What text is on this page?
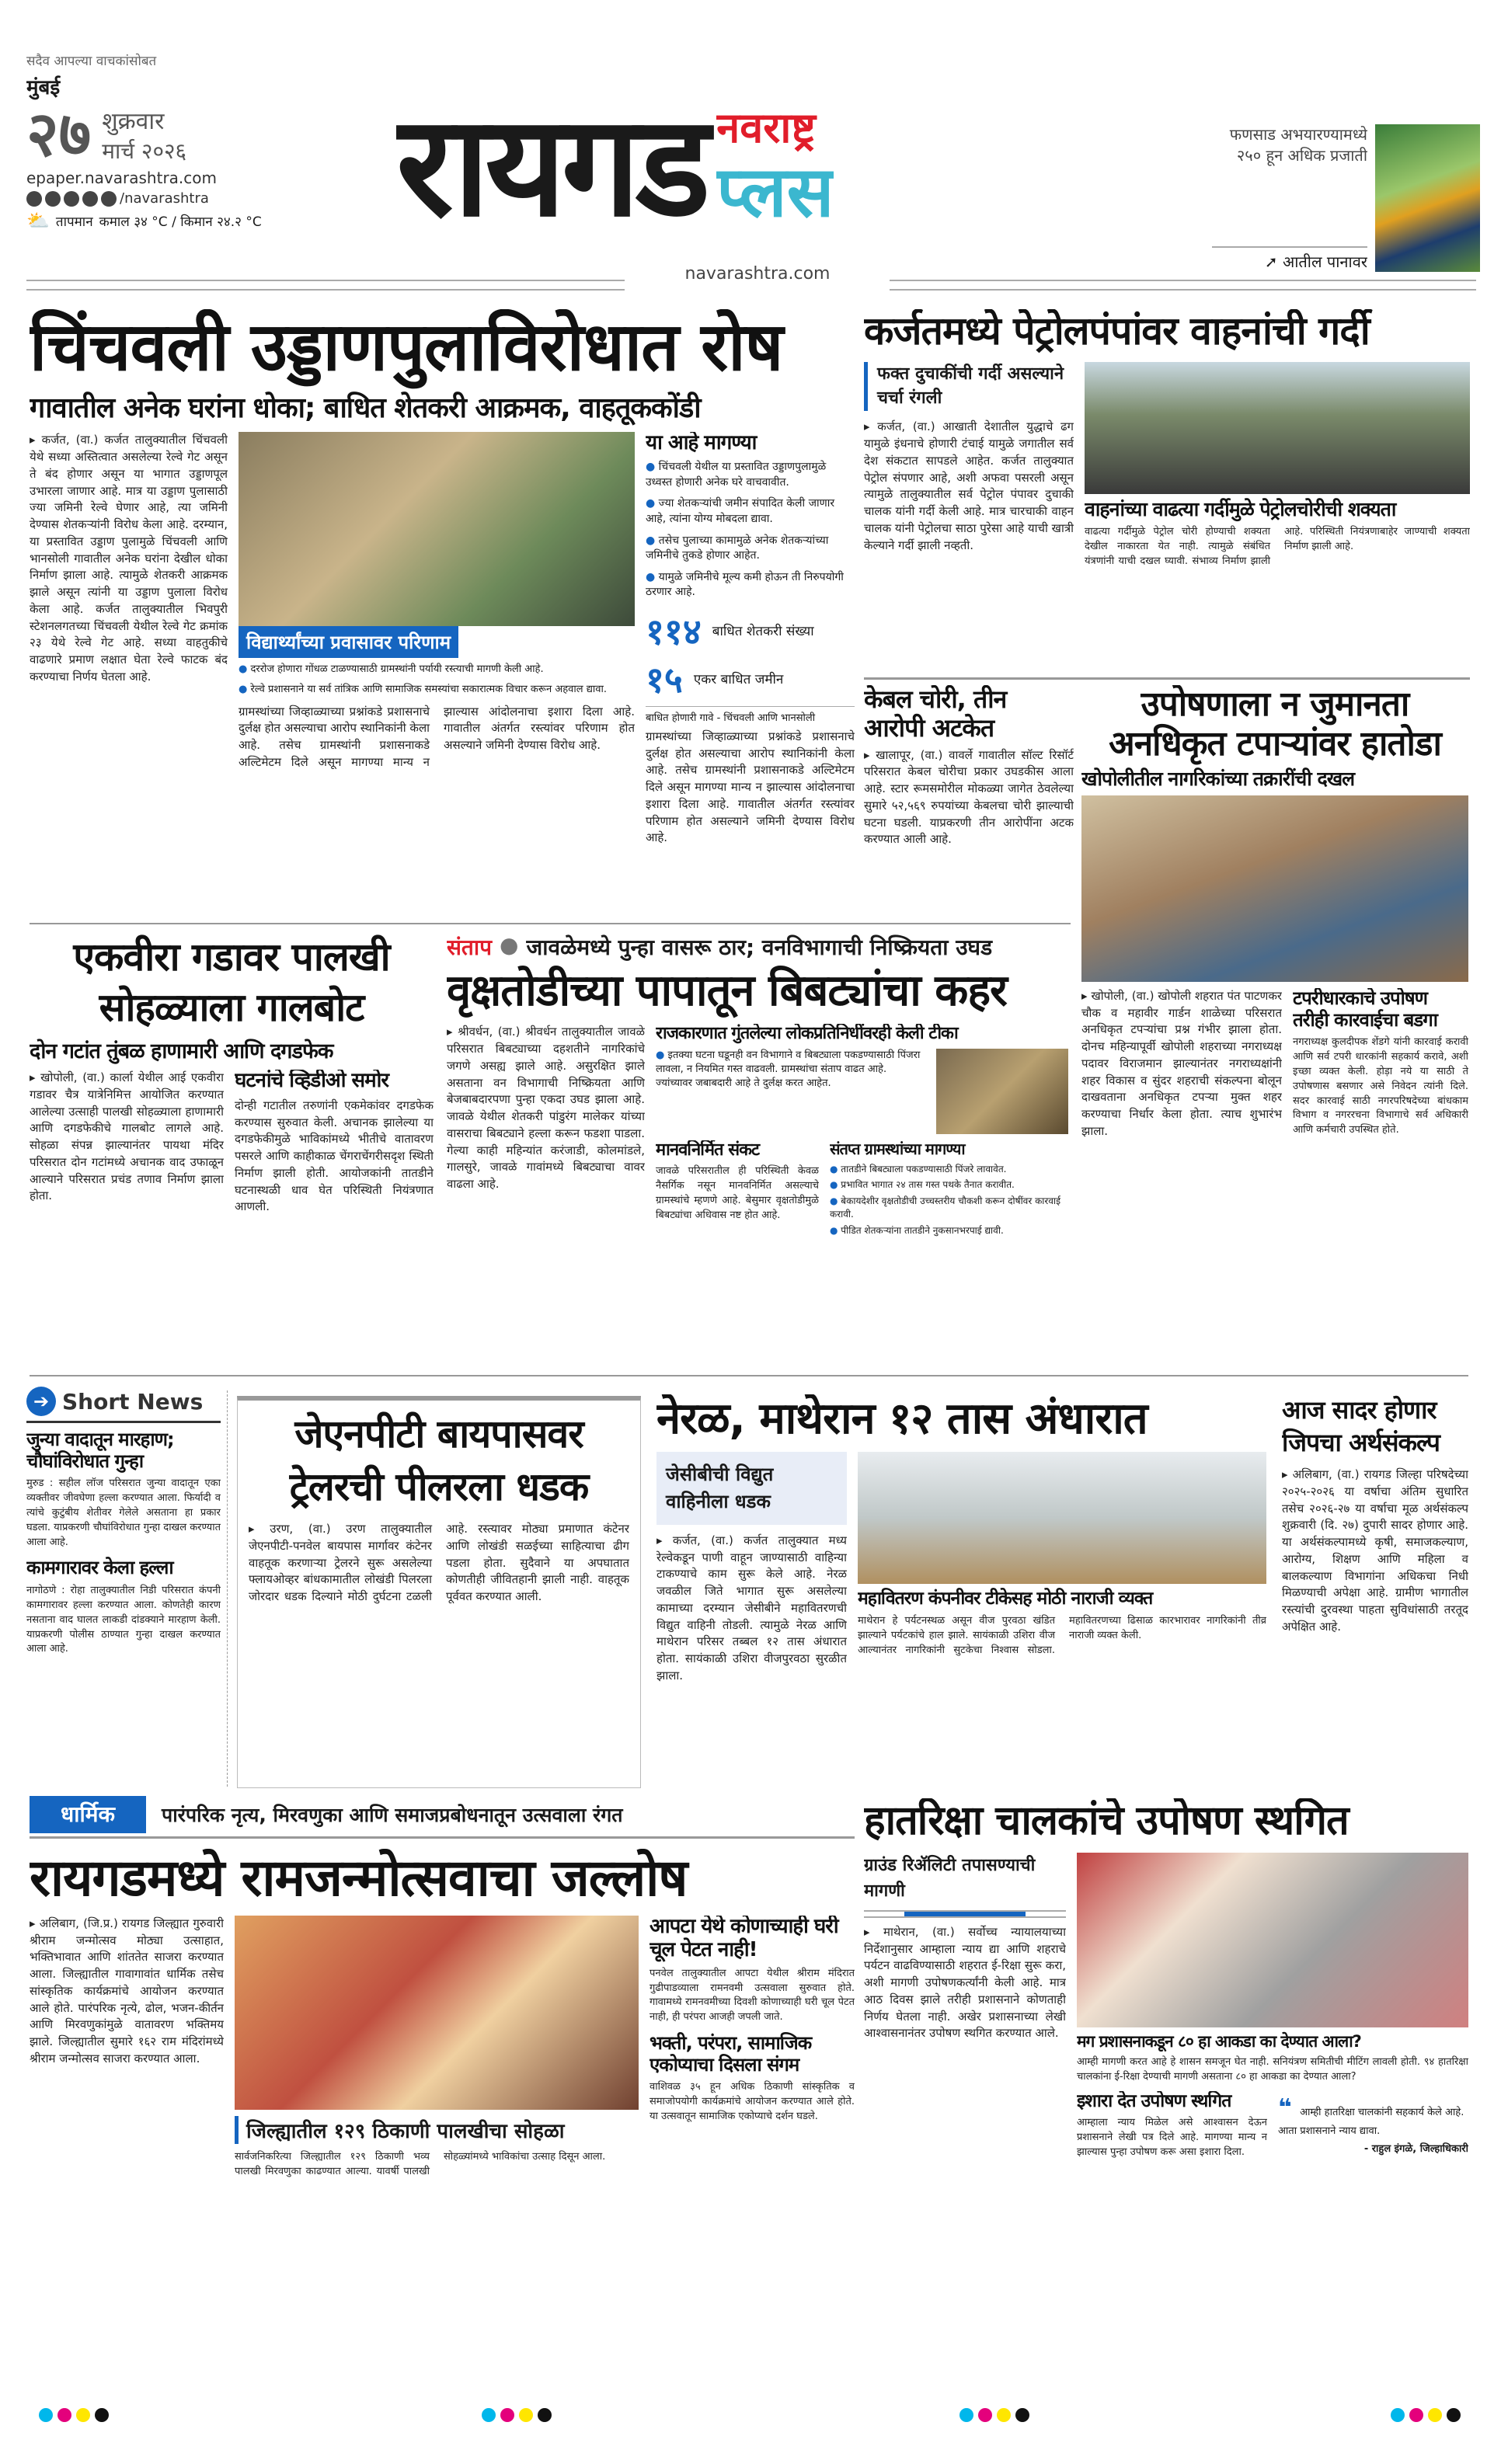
सदैव आपल्या वाचकांसोबत
मुंबई
२७ शुक्रवार
मार्च २०२६
epaper.navarashtra.com
/navarashtra
⛅ तापमान कमाल ३४ °C / किमान २४.२ °C रायगड नवराष्ट्र
प्लस
navarashtra.com
फणसाड अभयारण्यामध्ये २५० हून अधिक प्रजाती
➚ आतील पानावर
चिंचवली उड्डाणपुलाविरोधात रोष
गावातील अनेक घरांना धोका; बाधित शेतकरी आक्रमक, वाहतूककोंडी
▸ कर्जत, (वा.) कर्जत तालुक्यातील चिंचवली येथे सध्या अस्तित्वात असलेल्या रेल्वे गेट असून ते बंद होणार असून या भागात उड्डाणपूल उभारला जाणार आहे. मात्र या उड्डाण पुलासाठी ज्या जमिनी रेल्वे घेणार आहे, त्या जमिनी देण्यास शेतकऱ्यांनी विरोध केला आहे. दरम्यान, या प्रस्तावित उड्डाण पुलामुळे चिंचवली आणि भानसोली गावातील अनेक घरांना देखील धोका निर्माण झाला आहे. त्यामुळे शेतकरी आक्रमक झाले असून त्यांनी या उड्डाण पुलाला विरोध केला आहे. कर्जत तालुक्यातील भिवपुरी स्टेशनलगतच्या चिंचवली येथील रेल्वे गेट क्रमांक २३ येथे रेल्वे गेट आहे. सध्या वाहतुकीचे वाढणारे प्रमाण लक्षात घेता रेल्वे फाटक बंद करण्याचा निर्णय घेतला आहे.
विद्यार्थ्यांच्या प्रवासावर परिणाम
● दररोज होणारा गोंधळ टाळण्यासाठी ग्रामस्थांनी पर्यायी रस्त्याची मागणी केली आहे.
● रेल्वे प्रशासनाने या सर्व तांत्रिक आणि सामाजिक समस्यांचा सकारात्मक विचार करून अहवाल द्यावा.
ग्रामस्थांच्या जिव्हाळ्याच्या प्रश्नांकडे प्रशासनाचे दुर्लक्ष होत असल्याचा आरोप स्थानिकांनी केला आहे. तसेच ग्रामस्थांनी प्रशासनाकडे अल्टिमेटम दिले असून मागण्या मान्य न झाल्यास आंदोलनाचा इशारा दिला आहे. गावातील अंतर्गत रस्त्यांवर परिणाम होत असल्याने जमिनी देण्यास विरोध आहे.
या आहे मागण्या
● चिंचवली येथील या प्रस्तावित उड्डाणपुलामुळे उध्वस्त होणारी अनेक घरे वाचवावीत.
● ज्या शेतकऱ्यांची जमीन संपादित केली जाणार आहे, त्यांना योग्य मोबदला द्यावा.
● तसेच पुलाच्या कामामुळे अनेक शेतकऱ्यांच्या जमिनीचे तुकडे होणार आहेत.
● यामुळे जमिनीचे मूल्य कमी होऊन ती निरुपयोगी ठरणार आहे.
११४ बाधित शेतकरी संख्या
१५ एकर बाधित जमीन
बाधित होणारी गावे - चिंचवली आणि भानसोली
ग्रामस्थांच्या जिव्हाळ्याच्या प्रश्नांकडे प्रशासनाचे दुर्लक्ष होत असल्याचा आरोप स्थानिकांनी केला आहे. तसेच ग्रामस्थांनी प्रशासनाकडे अल्टिमेटम दिले असून मागण्या मान्य न झाल्यास आंदोलनाचा इशारा दिला आहे. गावातील अंतर्गत रस्त्यांवर परिणाम होत असल्याने जमिनी देण्यास विरोध आहे.
कर्जतमध्ये पेट्रोलपंपांवर वाहनांची गर्दी
फक्त दुचाकींची गर्दी असल्याने चर्चा रंगली
▸ कर्जत, (वा.) आखाती देशातील युद्धाचे ढग यामुळे इंधनाचे होणारी टंचाई यामुळे जगातील सर्व देश संकटात सापडले आहेत. कर्जत तालुक्यात पेट्रोल संपणार आहे, अशी अफवा पसरली असून त्यामुळे तालुक्यातील सर्व पेट्रोल पंपावर दुचाकी चालक यांनी गर्दी केली आहे. मात्र चारचाकी वाहन चालक यांनी पेट्रोलचा साठा पुरेसा आहे याची खात्री केल्याने गर्दी झाली नव्हती.
वाहनांच्या वाढत्या गर्दीमुळे पेट्रोलचोरीची शक्यता
वाढत्या गर्दीमुळे पेट्रोल चोरी होण्याची शक्यता देखील नाकारता येत नाही. त्यामुळे संबंधित यंत्रणांनी याची दखल घ्यावी. संभाव्य निर्माण झाली आहे. परिस्थिती नियंत्रणाबाहेर जाण्याची शक्यता निर्माण झाली आहे.
केबल चोरी, तीन आरोपी अटकेत
▸ खालापूर, (वा.) वावर्ले गावातील सॉल्ट रिसॉर्ट परिसरात केबल चोरीचा प्रकार उघडकीस आला आहे. स्टार रूमसमोरील मोकळ्या जागेत ठेवलेल्या सुमारे ५२,५६९ रुपयांच्या केबलचा चोरी झाल्याची घटना घडली. याप्रकरणी तीन आरोपींना अटक करण्यात आली आहे.
उपोषणाला न जुमानता अनधिकृत टपाऱ्यांवर हातोडा
खोपोलीतील नागरिकांच्या तक्रारींची दखल
▸ खोपोली, (वा.) खोपोली शहरात पंत पाटणकर चौक व महावीर गार्डन शाळेच्या परिसरात अनधिकृत टपऱ्यांचा प्रश्न गंभीर झाला होता. दोनच महिन्यापूर्वी खोपोली शहराच्या नगराध्यक्ष पदावर विराजमान झाल्यानंतर नगराध्यक्षांनी शहर विकास व सुंदर शहराची संकल्पना बोलून दाखवताना अनधिकृत टपऱ्या मुक्त शहर करण्याचा निर्धार केला होता. त्याच शुभारंभ झाला.
टपरीधारकाचे उपोषण तरीही कारवाईचा बडगा
नगराध्यक्ष कुलदीपक शेंडगे यांनी कारवाई करावी आणि सर्व टपरी धारकांनी सहकार्य करावे, अशी इच्छा व्यक्त केली. होड़ा नये या साठी ते उपोषणास बसणार असे निवेदन त्यांनी दिले. सदर कारवाई साठी नगरपरिषदेच्या बांधकाम विभाग व नगररचना विभागाचे सर्व अधिकारी आणि कर्मचारी उपस्थित होते.
एकवीरा गडावर पालखी सोहळ्याला गालबोट
दोन गटांत तुंबळ हाणामारी आणि दगडफेक
▸ खोपोली, (वा.) कार्ला येथील आई एकवीरा गडावर चैत्र यात्रेनिमित्त आयोजित करण्यात आलेल्या उत्साही पालखी सोहळ्याला हाणामारी आणि दगडफेकीचे गालबोट लागले आहे. सोहळा संपन्न झाल्यानंतर पायथा मंदिर परिसरात दोन गटांमध्ये अचानक वाद उफाळून आल्याने परिसरात प्रचंड तणाव निर्माण झाला होता.
घटनांचे व्हिडीओ समोर
दोन्ही गटातील तरुणांनी एकमेकांवर दगडफेक करण्यास सुरुवात केली. अचानक झालेल्या या दगडफेकीमुळे भाविकांमध्ये भीतीचे वातावरण पसरले आणि काहीकाळ चेंगराचेंगरीसदृश स्थिती निर्माण झाली होती. आयोजकांनी तातडीने घटनास्थळी धाव घेत परिस्थिती नियंत्रणात आणली.
संताप ● जावळेमध्ये पुन्हा वासरू ठार; वनविभागाची निष्क्रियता उघड
वृक्षतोडीच्या पापातून बिबट्यांचा कहर
▸ श्रीवर्धन, (वा.) श्रीवर्धन तालुक्यातील जावळे परिसरात बिबट्याच्या दहशतीने नागरिकांचे जगणे असह्य झाले आहे. असुरक्षित झाले असताना वन विभागाची निष्क्रियता आणि बेजबाबदारपणा पुन्हा एकदा उघड झाला आहे. जावळे येथील शेतकरी पांडुरंग मालेकर यांच्या वासराचा बिबट्याने हल्ला करून फडशा पाडला. गेल्या काही महिन्यांत करंजाडी, कोलमांडले, गालसुरे, जावळे गावांमध्ये बिबट्याचा वावर वाढला आहे.
राजकारणात गुंतलेल्या लोकप्रतिनिधींवरही केली टीका
● इतक्या घटना घडूनही वन विभागाने व बिबट्याला पकडण्यासाठी पिंजरा लावला, न नियमित गस्त वाढवली. ग्रामस्थांचा संताप वाढत आहे. ज्यांच्यावर जबाबदारी आहे ते दुर्लक्ष करत आहेत.
मानवनिर्मित संकट
जावळे परिसरातील ही परिस्थिती केवळ नैसर्गिक नसून मानवनिर्मित असल्याचे ग्रामस्थांचे म्हणणे आहे. बेसुमार वृक्षतोडीमुळे बिबट्यांचा अधिवास नष्ट होत आहे.
संतप्त ग्रामस्थांच्या मागण्या
● तातडीने बिबट्याला पकडण्यासाठी पिंजरे लावावेत.
● प्रभावित भागात २४ तास गस्त पथके तैनात करावीत.
● बेकायदेशीर वृक्षतोडीची उच्चस्तरीय चौकशी करून दोषींवर कारवाई करावी.
● पीडित शेतकऱ्यांना तातडीने नुकसानभरपाई द्यावी.
➔ Short News
जुन्या वादातून मारहाण; चौघांविरोधात गुन्हा
मुरुड : सहील लॉज परिसरात जुन्या वादातून एका व्यक्तीवर जीवघेणा हल्ला करण्यात आला. फिर्यादी व त्यांचे कुटुंबीय शेतीवर गेलेले असताना हा प्रकार घडला. याप्रकरणी चौघांविरोधात गुन्हा दाखल करण्यात आला आहे.
कामगारावर केला हल्ला
नागोठणे : रोहा तालुक्यातील निडी परिसरात कंपनी कामगारावर हल्ला करण्यात आला. कोणतेही कारण नसताना वाद घालत लाकडी दांडक्याने मारहाण केली. याप्रकरणी पोलीस ठाण्यात गुन्हा दाखल करण्यात आला आहे.
जेएनपीटी बायपासवर ट्रेलरची पीलरला धडक
▸ उरण, (वा.) उरण तालुक्यातील जेएनपीटी-पनवेल बायपास मार्गावर कंटेनर वाहतूक करणाऱ्या ट्रेलरने सुरू असलेल्या फ्लायओव्हर बांधकामातील लोखंडी पिलरला जोरदार धडक दिल्याने मोठी दुर्घटना टळली आहे. रस्त्यावर मोठ्या प्रमाणात कंटेनर आणि लोखंडी सळईच्या साहित्याचा ढीग पडला होता. सुदैवाने या अपघातात कोणतीही जीवितहानी झाली नाही. वाहतूक पूर्ववत करण्यात आली.
नेरळ, माथेरान १२ तास अंधारात
जेसीबीची विद्युत वाहिनीला धडक
▸ कर्जत, (वा.) कर्जत तालुक्यात मध्य रेल्वेकडून पाणी वाहून जाण्यासाठी वाहिन्या टाकण्याचे काम सुरू केले आहे. नेरळ जवळील जिते भागात सुरू असलेल्या कामाच्या दरम्यान जेसीबीने महावितरणची विद्युत वाहिनी तोडली. त्यामुळे नेरळ आणि माथेरान परिसर तब्बल १२ तास अंधारात होता. सायंकाळी उशिरा वीजपुरवठा सुरळीत झाला.
महावितरण कंपनीवर टीकेसह मोठी नाराजी व्यक्त
माथेरान हे पर्यटनस्थळ असून वीज पुरवठा खंडित झाल्याने पर्यटकांचे हाल झाले. सायंकाळी उशिरा वीज आल्यानंतर नागरिकांनी सुटकेचा निश्वास सोडला. महावितरणच्या ढिसाळ कारभारावर नागरिकांनी तीव्र नाराजी व्यक्त केली.
आज सादर होणार जिपचा अर्थसंकल्प
▸ अलिबाग, (वा.) रायगड जिल्हा परिषदेच्या २०२५-२०२६ या वर्षाचा अंतिम सुधारित तसेच २०२६-२७ या वर्षाचा मूळ अर्थसंकल्प शुक्रवारी (दि. २७) दुपारी सादर होणार आहे. या अर्थसंकल्पामध्ये कृषी, समाजकल्याण, आरोग्य, शिक्षण आणि महिला व बालकल्याण विभागांना अधिकचा निधी मिळण्याची अपेक्षा आहे. ग्रामीण भागातील रस्त्यांची दुरवस्था पाहता सुविधांसाठी तरतूद अपेक्षित आहे.
धार्मिक	पारंपरिक नृत्य, मिरवणुका आणि समाजप्रबोधनातून उत्सवाला रंगत
रायगडमध्ये रामजन्मोत्सवाचा जल्लोष
▸ अलिबाग, (जि.प्र.) रायगड जिल्ह्यात गुरुवारी श्रीराम जन्मोत्सव मोठ्या उत्साहात, भक्तिभावात आणि शांततेत साजरा करण्यात आला. जिल्ह्यातील गावागावांत धार्मिक तसेच सांस्कृतिक कार्यक्रमांचे आयोजन करण्यात आले होते. पारंपरिक नृत्ये, ढोल, भजन-कीर्तन आणि मिरवणुकांमुळे वातावरण भक्तिमय झाले. जिल्ह्यातील सुमारे १६२ राम मंदिरांमध्ये श्रीराम जन्मोत्सव साजरा करण्यात आला.
जिल्ह्यातील १२९ ठिकाणी पालखीचा सोहळा
सार्वजनिकरित्या जिल्ह्यातील १२९ ठिकाणी भव्य पालखी मिरवणुका काढण्यात आल्या. यावर्षी पालखी सोहळ्यांमध्ये भाविकांचा उत्साह दिसून आला.
आपटा येथे कोणाच्याही घरी चूल पेटत नाही!
पनवेल तालुक्यातील आपटा येथील श्रीराम मंदिरात गुढीपाडव्याला रामनवमी उत्सवाला सुरुवात होते. गावामध्ये रामनवमीच्या दिवशी कोणाच्याही घरी चूल पेटत नाही, ही परंपरा आजही जपली जाते.
भक्ती, परंपरा, सामाजिक एकोप्याचा दिसला संगम
वाशिवळ ३५ हून अधिक ठिकाणी सांस्कृतिक व समाजोपयोगी कार्यक्रमांचे आयोजन करण्यात आले होते. या उत्सवातून सामाजिक एकोप्याचे दर्शन घडले.
हातरिक्षा चालकांचे उपोषण स्थगित
ग्राउंड रिॲलिटी तपासण्याची मागणी
▸ माथेरान, (वा.) सर्वोच्च न्यायालयाच्या निर्देशानुसार आम्हाला न्याय द्या आणि शहराचे पर्यटन वाढविण्यासाठी शहरात ई-रिक्षा सुरू करा, अशी मागणी उपोषणकर्त्यांनी केली आहे. मात्र आठ दिवस झाले तरीही प्रशासनाने कोणताही निर्णय घेतला नाही. अखेर प्रशासनाच्या लेखी आश्वासनानंतर उपोषण स्थगित करण्यात आले.	मग प्रशासनाकडून ८० हा आकडा का देण्यात आला?
आम्ही मागणी करत आहे हे शासन समजून घेत नाही. सनियंत्रण समितीची मीटिंग लावली होती. ९४ हातरिक्षा चालकांना ई-रिक्षा देण्याची मागणी असताना ८० हा आकडा का देण्यात आला?
इशारा देत उपोषण स्थगित
आम्हाला न्याय मिळेल असे आश्वासन देऊन प्रशासनाने लेखी पत्र दिले आहे. मागण्या मान्य न झाल्यास पुन्हा उपोषण करू असा इशारा दिला.
❝ आम्ही हातरिक्षा चालकांनी सहकार्य केले आहे. आता प्रशासनाने न्याय द्यावा.
- राहुल इंगळे, जिल्हाधिकारी
